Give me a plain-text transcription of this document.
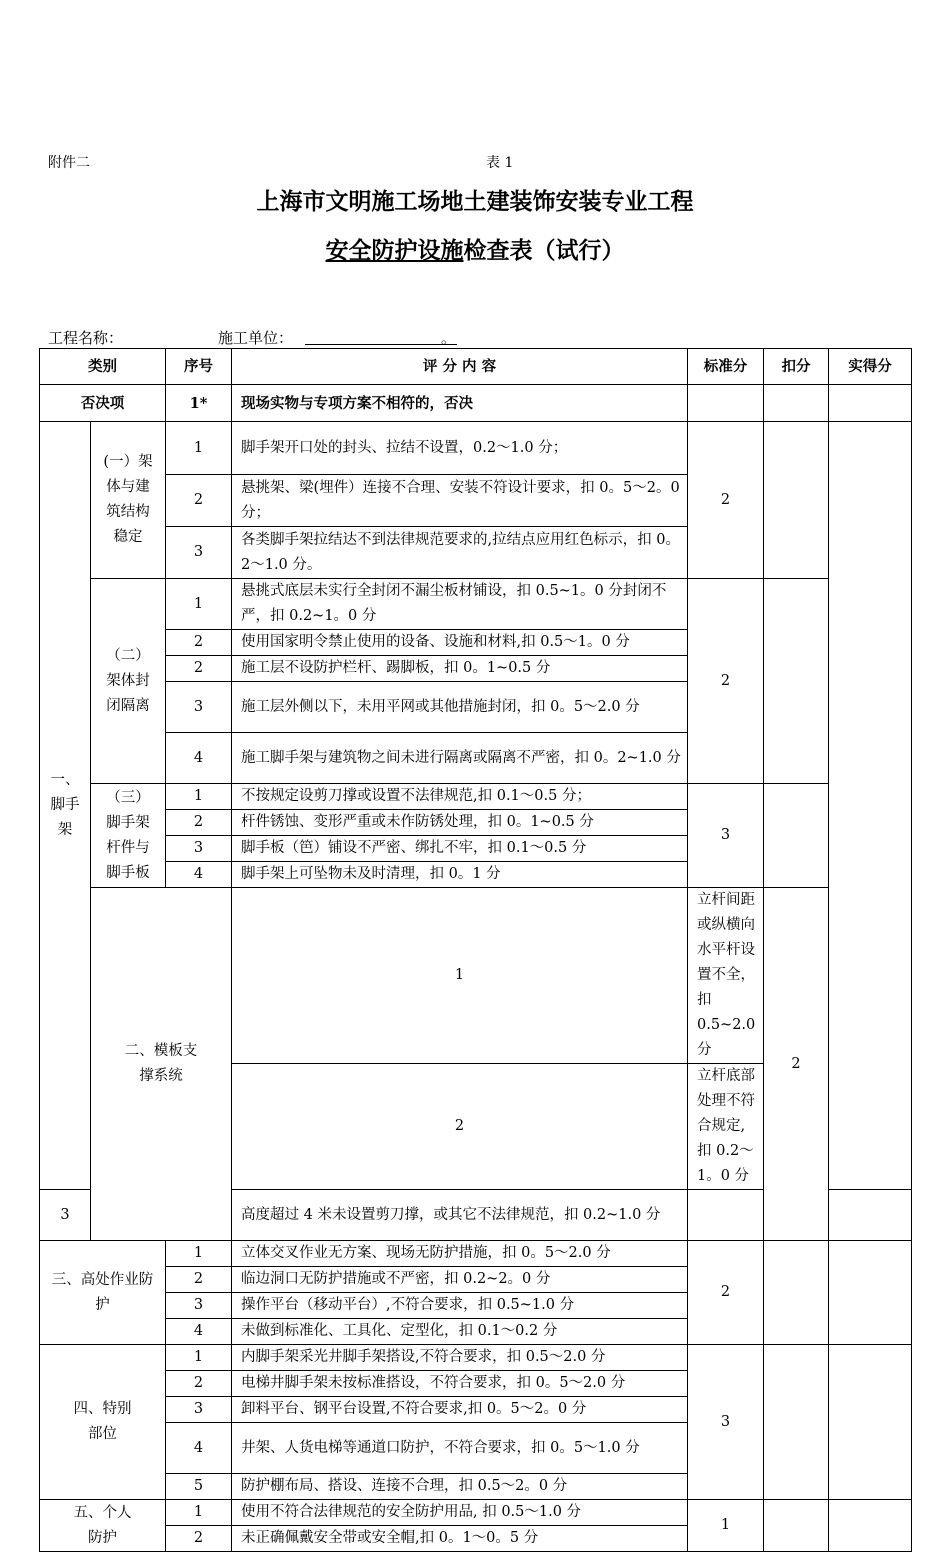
附件二	表 1
上海市文明施工场地土建装饰安装专业工程
安全防护设施检查表（试行）
工程名称：	施工单位：	。
类别		序号	评 分 内 容	标准分	扣分	实得分	
否决项		1*	现场实物与专项方案不相符的，否决				
一、脚手架	(一）架体与建筑结构稳定	1	脚手架开口处的封头、拉结不设置，0.2～1.0 分；	2			
		2	悬挑架、梁(埋件）连接不合理、安装不符设计要求，扣 0。5～2。0 分；				
		3	各类脚手架拉结达不到法律规范要求的,拉结点应用红色标示，扣 0。2～1.0 分。				
	（二）架体封闭隔离	1	悬挑式底层未实行全封闭不漏尘板材铺设，扣 0.5~1。0 分封闭不严，扣 0.2~1。0 分	2			
		2	使用国家明令禁止使用的设备、设施和材料,扣 0.5～1。0 分				
		2	施工层不设防护栏杆、踢脚板，扣 0。1~0.5 分				
		3	施工层外侧以下，未用平网或其他措施封闭，扣 0。5～2.0 分				
		4	施工脚手架与建筑物之间未进行隔离或隔离不严密，扣 0。2~1.0 分				
	（三）脚手架杆件与脚手板	1	不按规定设剪刀撑或设置不法律规范,扣 0.1～0.5 分；	3			
		2	杆件锈蚀、变形严重或未作防锈处理，扣 0。1~0.5 分				
		3	脚手板（笆）铺设不严密、绑扎不牢，扣 0.1～0.5 分				
		4	脚手架上可坠物未及时清理，扣 0。1 分				
	二、模板支撑系统		1	立杆间距或纵横向水平杆设置不全，扣 0.5~2.0 分	2		
			2	立杆底部处理不符合规定,扣 0.2～1。0 分			
3			高度超过 4 米未设置剪刀撑，或其它不法律规范，扣 0.2~1.0 分				
三、高处作业防护		1	立体交叉作业无方案、现场无防护措施，扣 0。5～2.0 分	2			
		2	临边洞口无防护措施或不严密，扣 0.2~2。0 分				
		3	操作平台（移动平台）,不符合要求，扣 0.5~1.0 分				
		4	未做到标准化、工具化、定型化，扣 0.1～0.2 分				
四、特别部位		1	内脚手架采光井脚手架搭设,不符合要求，扣 0.5～2.0 分	3			
		2	电梯井脚手架未按标准搭设，不符合要求，扣 0。5～2.0 分				
		3	卸料平台、钢平台设置,不符合要求,扣 0。5～2。0 分				
		4	井架、人货电梯等通道口防护，不符合要求，扣 0。5～1.0 分				
		5	防护棚布局、搭设、连接不合理，扣 0.5～2。0 分				
五、个人防护		1	使用不符合法律规范的安全防护用品, 扣 0.5～1.0 分	1			
		2	未正确佩戴安全带或安全帽,扣 0。1～0。5 分				
